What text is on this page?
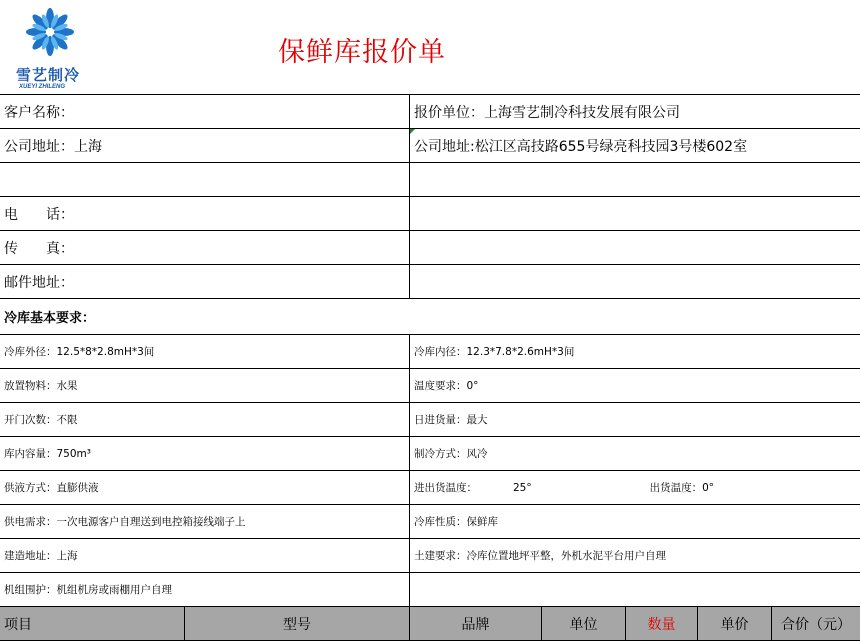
雪艺制冷
XUEYI ZHILENG
保鲜库报价单
客户名称：	报价单位：上海雪艺制冷科技发展有限公司
公司地址：上海	公司地址:松江区高技路655号绿亮科技园3号楼602室
电　　话：
传　　真：
邮件地址：
冷库基本要求：
冷库外径：12.5*8*2.8mH*3间	冷库内径：12.3*7.8*2.6mH*3间
放置物料：水果	温度要求：0°
开门次数：不限	日进货量：最大
库内容量：750m³	制冷方式：风冷
供液方式：直膨供液	进出货温度：	25°	出货温度：0°
供电需求：一次电源客户自理送到电控箱接线端子上	冷库性质：保鲜库
建造地址：上海	土建要求：冷库位置地坪平整，外机水泥平台用户自理
机组围护：机组机房或雨棚用户自理
项目	型号	品牌	单位	数量	单价	合价（元）
